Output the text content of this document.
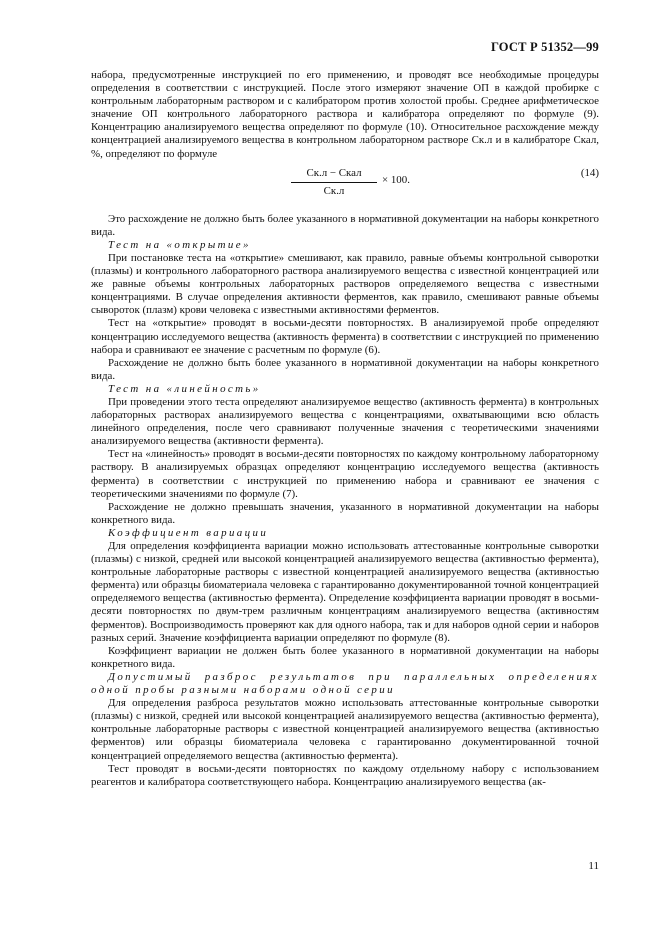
ГОСТ Р 51352—99

набора, предусмотренные инструкцией по его применению, и проводят все необходимые процедуры определения в соответствии с инструкцией. После этого измеряют значение ОП в каждой пробирке с контрольным лабораторным раствором и с калибратором против холостой пробы. Среднее арифметическое значение ОП контрольного лабораторного раствора и калибратора определяют по формуле (9). Концентрацию анализируемого вещества определяют по формуле (10). Относительное расхождение между концентрацией анализируемого вещества в контрольном лабораторном растворе Cк.л и в калибраторе Cкал, %, определяют по формуле

Cк.л − Cкал
Cк.л
× 100.
(14)

Это расхождение не должно быть более указанного в нормативной документации на наборы конкретного вида.

Тест на «открытие»

При постановке теста на «открытие» смешивают, как правило, равные объемы контрольной сыворотки (плазмы) и контрольного лабораторного раствора анализируемого вещества с известной концентрацией или же равные объемы контрольных лабораторных растворов определяемого вещества с известными концентрациями. В случае определения активности ферментов, как правило, смешивают равные объемы сывороток (плазм) крови человека с известными активностями ферментов.

Тест на «открытие» проводят в восьми-десяти повторностях. В анализируемой пробе определяют концентрацию исследуемого вещества (активность фермента) в соответствии с инструкцией по применению набора и сравнивают ее значение с расчетным по формуле (6).

Расхождение не должно быть более указанного в нормативной документации на наборы конкретного вида.

Тест на «линейность»

При проведении этого теста определяют анализируемое вещество (активность фермента) в контрольных лабораторных растворах анализируемого вещества с концентрациями, охватывающими всю область линейного определения, после чего сравнивают полученные значения с теоретическими значениями анализируемого вещества (активности фермента).

Тест на «линейность» проводят в восьми-десяти повторностях по каждому контрольному лабораторному раствору. В анализируемых образцах определяют концентрацию исследуемого вещества (активность фермента) в соответствии с инструкцией по применению набора и сравнивают ее значения с теоретическими значениями по формуле (7).

Расхождение не должно превышать значения, указанного в нормативной документации на наборы конкретного вида.

Коэффициент вариации

Для определения коэффициента вариации можно использовать аттестованные контрольные сыворотки (плазмы) с низкой, средней или высокой концентрацией анализируемого вещества (активностью фермента), контрольные лабораторные растворы с известной концентрацией анализируемого вещества (активностью фермента) или образцы биоматериала человека с гарантированно документированной точной концентрацией определяемого вещества (активностью фермента). Определение коэффициента вариации проводят в восьми-десяти повторностях по двум-трем различным концентрациям анализируемого вещества (активностям ферментов). Воспроизводимость проверяют как для одного набора, так и для наборов одной серии и наборов разных серий. Значение коэффициента вариации определяют по формуле (8).

Коэффициент вариации не должен быть более указанного в нормативной документации на наборы конкретного вида.

Допустимый разброс результатов при параллельных определениях одной пробы разными наборами одной серии

Для определения разброса результатов можно использовать аттестованные контрольные сыворотки (плазмы) с низкой, средней или высокой концентрацией анализируемого вещества (активностью фермента), контрольные лабораторные растворы с известной концентрацией анализируемого вещества (активностью ферментов) или образцы биоматериала человека с гарантированно документированной точной концентрацией определяемого вещества (активностью фермента).

Тест проводят в восьми-десяти повторностях по каждому отдельному набору с использованием реагентов и калибратора соответствующего набора. Концентрацию анализируемого вещества (ак-

11
